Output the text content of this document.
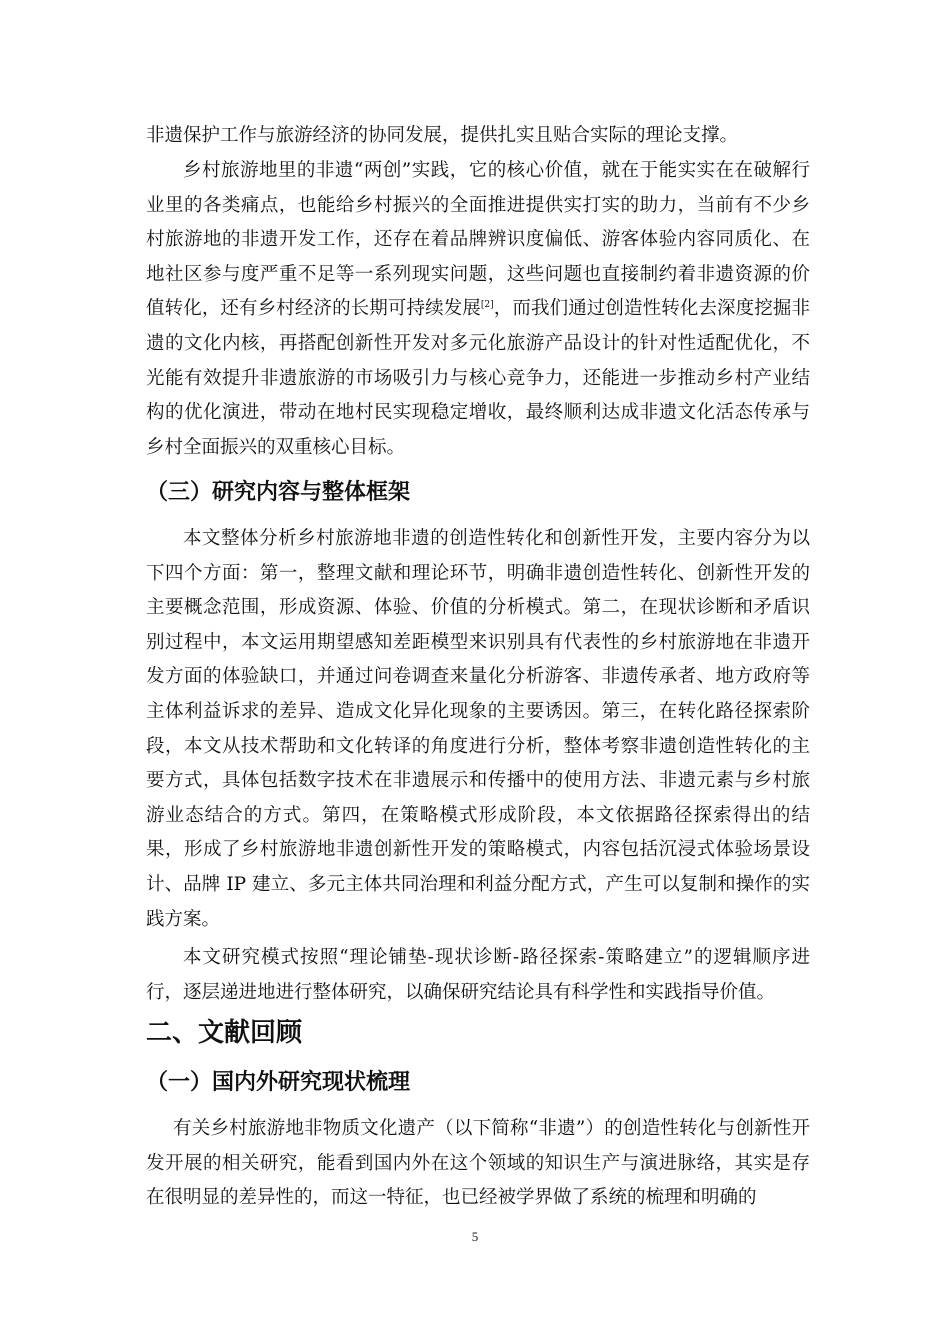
非遗保护工作与旅游经济的协同发展，提供扎实且贴合实际的理论支撑。
乡村旅游地里的非遗“两创”实践，它的核心价值，就在于能实实在在破解行业里的各类痛点，也能给乡村振兴的全面推进提供实打实的助力，当前有不少乡村旅游地的非遗开发工作，还存在着品牌辨识度偏低、游客体验内容同质化、在地社区参与度严重不足等一系列现实问题，这些问题也直接制约着非遗资源的价值转化，还有乡村经济的长期可持续发展[2]，而我们通过创造性转化去深度挖掘非遗的文化内核，再搭配创新性开发对多元化旅游产品设计的针对性适配优化，不光能有效提升非遗旅游的市场吸引力与核心竞争力，还能进一步推动乡村产业结构的优化演进，带动在地村民实现稳定增收，最终顺利达成非遗文化活态传承与乡村全面振兴的双重核心目标。
（三）研究内容与整体框架
本文整体分析乡村旅游地非遗的创造性转化和创新性开发，主要内容分为以下四个方面：第一，整理文献和理论环节，明确非遗创造性转化、创新性开发的主要概念范围，形成资源、体验、价值的分析模式。第二，在现状诊断和矛盾识别过程中，本文运用期望感知差距模型来识别具有代表性的乡村旅游地在非遗开发方面的体验缺口，并通过问卷调查来量化分析游客、非遗传承者、地方政府等主体利益诉求的差异、造成文化异化现象的主要诱因。第三，在转化路径探索阶段，本文从技术帮助和文化转译的角度进行分析，整体考察非遗创造性转化的主要方式，具体包括数字技术在非遗展示和传播中的使用方法、非遗元素与乡村旅游业态结合的方式。第四，在策略模式形成阶段，本文依据路径探索得出的结果，形成了乡村旅游地非遗创新性开发的策略模式，内容包括沉浸式体验场景设计、品牌 IP 建立、多元主体共同治理和利益分配方式，产生可以复制和操作的实践方案。
本文研究模式按照“理论铺垫-现状诊断-路径探索-策略建立”的逻辑顺序进行，逐层递进地进行整体研究，以确保研究结论具有科学性和实践指导价值。
二、文献回顾
（一）国内外研究现状梳理
有关乡村旅游地非物质文化遗产（以下简称“非遗”）的创造性转化与创新性开发开展的相关研究，能看到国内外在这个领域的知识生产与演进脉络，其实是存在很明显的差异性的，而这一特征，也已经被学界做了系统的梳理和明确的
5
